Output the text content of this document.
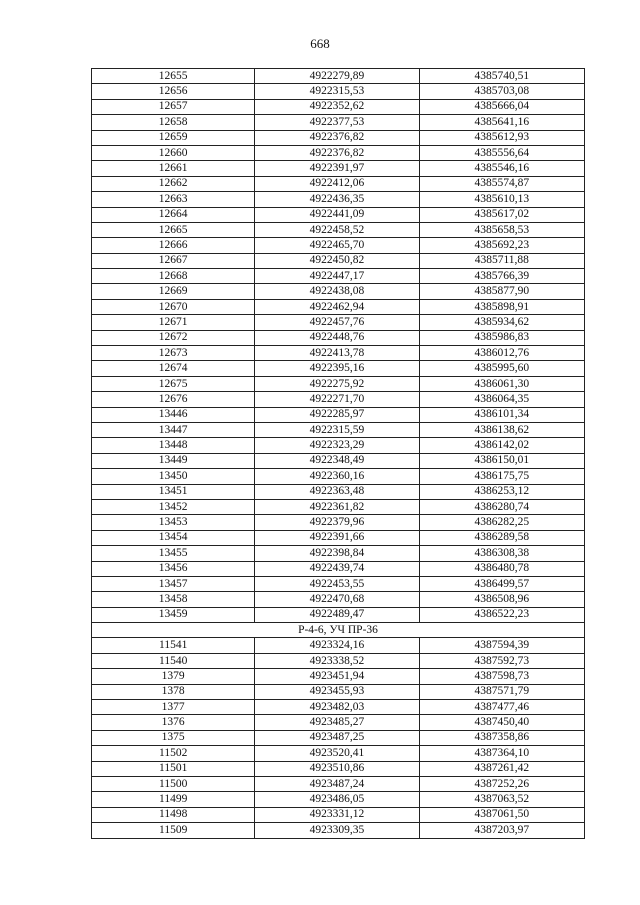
668
12655	4922279,89	4385740,51
12656	4922315,53	4385703,08
12657	4922352,62	4385666,04
12658	4922377,53	4385641,16
12659	4922376,82	4385612,93
12660	4922376,82	4385556,64
12661	4922391,97	4385546,16
12662	4922412,06	4385574,87
12663	4922436,35	4385610,13
12664	4922441,09	4385617,02
12665	4922458,52	4385658,53
12666	4922465,70	4385692,23
12667	4922450,82	4385711,88
12668	4922447,17	4385766,39
12669	4922438,08	4385877,90
12670	4922462,94	4385898,91
12671	4922457,76	4385934,62
12672	4922448,76	4385986,83
12673	4922413,78	4386012,76
12674	4922395,16	4385995,60
12675	4922275,92	4386061,30
12676	4922271,70	4386064,35
13446	4922285,97	4386101,34
13447	4922315,59	4386138,62
13448	4922323,29	4386142,02
13449	4922348,49	4386150,01
13450	4922360,16	4386175,75
13451	4922363,48	4386253,12
13452	4922361,82	4386280,74
13453	4922379,96	4386282,25
13454	4922391,66	4386289,58
13455	4922398,84	4386308,38
13456	4922439,74	4386480,78
13457	4922453,55	4386499,57
13458	4922470,68	4386508,96
13459	4922489,47	4386522,23
Р-4-6, УЧ ПР-36		
11541	4923324,16	4387594,39
11540	4923338,52	4387592,73
1379	4923451,94	4387598,73
1378	4923455,93	4387571,79
1377	4923482,03	4387477,46
1376	4923485,27	4387450,40
1375	4923487,25	4387358,86
11502	4923520,41	4387364,10
11501	4923510,86	4387261,42
11500	4923487,24	4387252,26
11499	4923486,05	4387063,52
11498	4923331,12	4387061,50
11509	4923309,35	4387203,97
